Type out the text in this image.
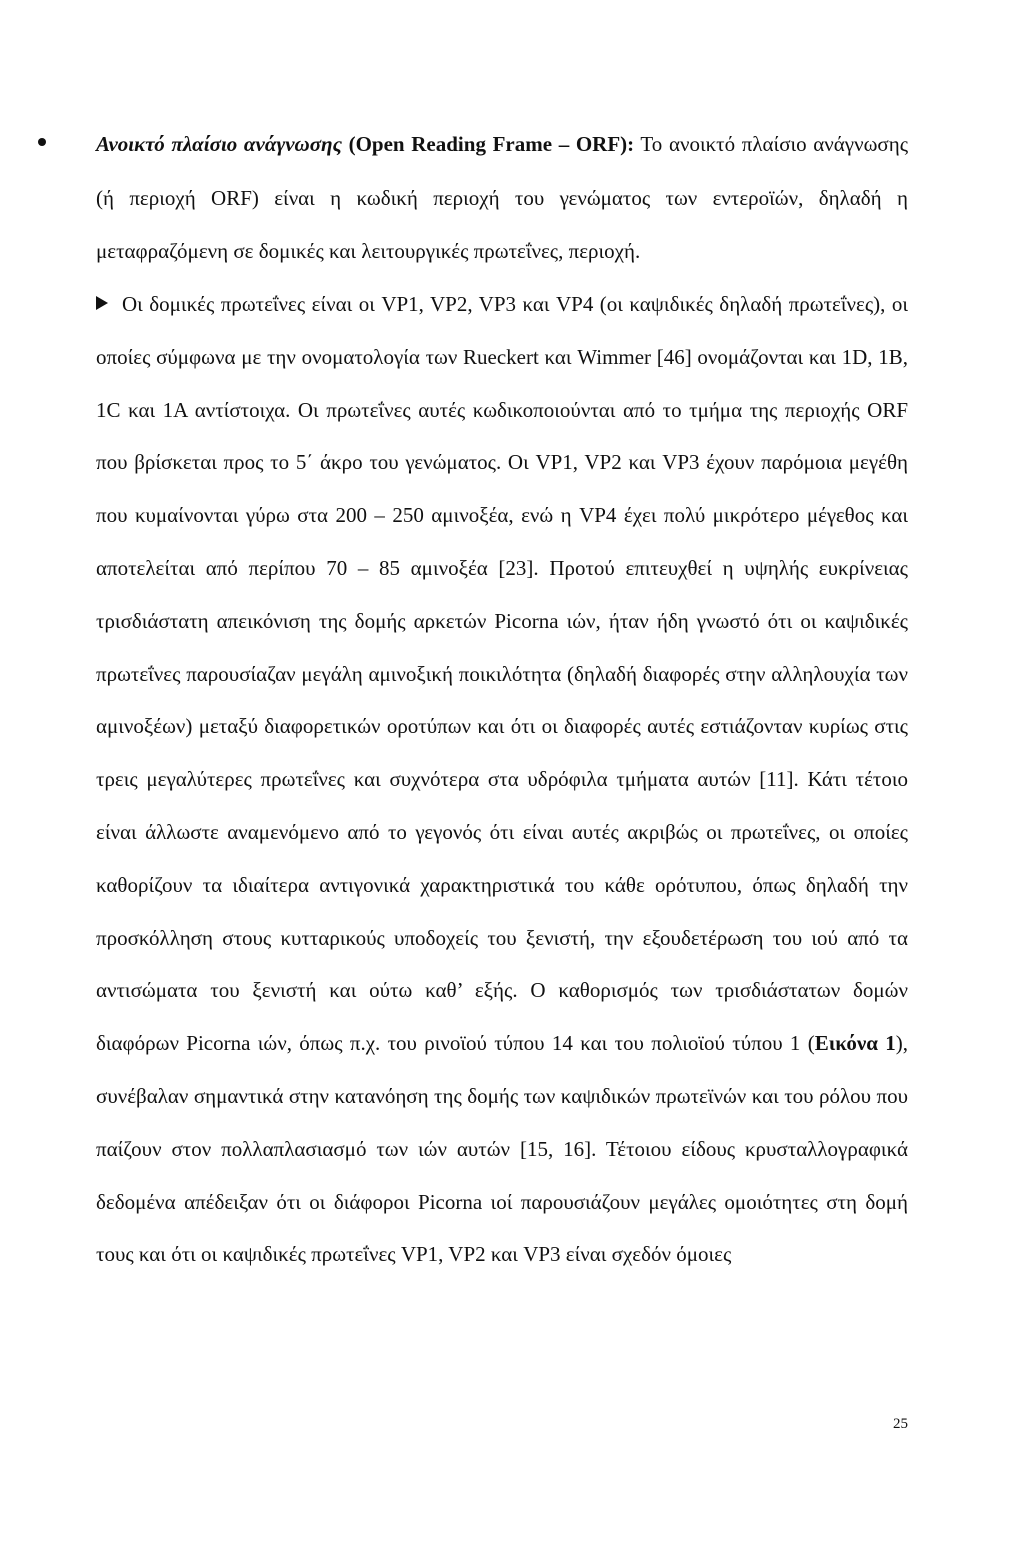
Ανοικτό πλαίσιο ανάγνωσης (Open Reading Frame – ORF): Το ανοικτό πλαίσιο ανάγνωσης (ή περιοχή ORF) είναι η κωδική περιοχή του γενώματος των εντεροϊών, δηλαδή η μεταφραζόμενη σε δομικές και λειτουργικές πρωτεΐνες, περιοχή.

Οι δομικές πρωτεΐνες είναι οι VP1, VP2, VP3 και VP4 (οι καψιδικές δηλαδή πρωτεΐνες), οι οποίες σύμφωνα με την ονοματολογία των Rueckert και Wimmer [46] ονομάζονται και 1D, 1B, 1C και 1A αντίστοιχα. Οι πρωτεΐνες αυτές κωδικοποιούνται από το τμήμα της περιοχής ORF που βρίσκεται προς το 5΄ άκρο του γενώματος. Οι VP1, VP2 και VP3 έχουν παρόμοια μεγέθη που κυμαίνονται γύρω στα 200 – 250 αμινοξέα, ενώ η VP4 έχει πολύ μικρότερο μέγεθος και αποτελείται από περίπου 70 – 85 αμινοξέα [23]. Προτού επιτευχθεί η υψηλής ευκρίνειας τρισδιάστατη απεικόνιση της δομής αρκετών Picorna ιών, ήταν ήδη γνωστό ότι οι καψιδικές πρωτεΐνες παρουσίαζαν μεγάλη αμινοξική ποικιλότητα (δηλαδή διαφορές στην αλληλουχία των αμινοξέων) μεταξύ διαφορετικών οροτύπων και ότι οι διαφορές αυτές εστιάζονταν κυρίως στις τρεις μεγαλύτερες πρωτεΐνες και συχνότερα στα υδρόφιλα τμήματα αυτών [11]. Κάτι τέτοιο είναι άλλωστε αναμενόμενο από το γεγονός ότι είναι αυτές ακριβώς οι πρωτεΐνες, οι οποίες καθορίζουν τα ιδιαίτερα αντιγονικά χαρακτηριστικά του κάθε ορότυπου, όπως δηλαδή την προσκόλληση στους κυτταρικούς υποδοχείς του ξενιστή, την εξουδετέρωση του ιού από τα αντισώματα του ξενιστή και ούτω καθ’ εξής. Ο καθορισμός των τρισδιάστατων δομών διαφόρων Picorna ιών, όπως π.χ. του ρινοϊού τύπου 14 και του πολιοϊού τύπου 1 (Εικόνα 1), συνέβαλαν σημαντικά στην κατανόηση της δομής των καψιδικών πρωτεϊνών και του ρόλου που παίζουν στον πολλαπλασιασμό των ιών αυτών [15, 16]. Τέτοιου είδους κρυσταλλογραφικά δεδομένα απέδειξαν ότι οι διάφοροι Picorna ιοί παρουσιάζουν μεγάλες ομοιότητες στη δομή τους και ότι οι καψιδικές πρωτεΐνες VP1, VP2 και VP3 είναι σχεδόν όμοιες

25
